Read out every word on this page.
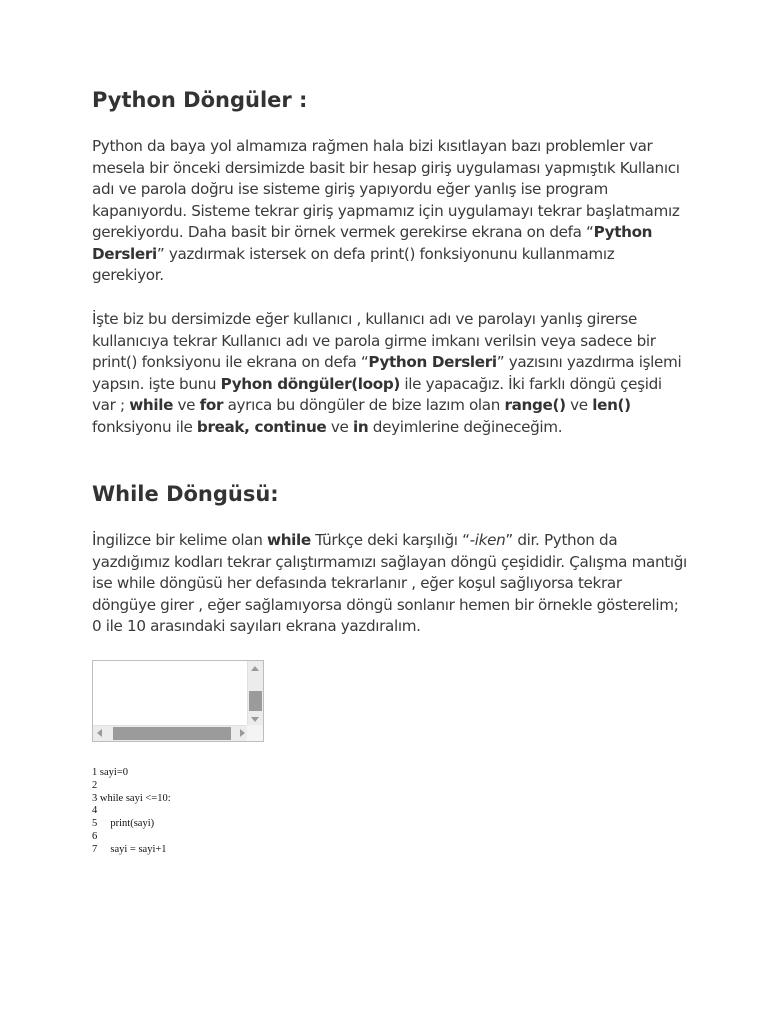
Python Döngüler :
Python da baya yol almamıza rağmen hala bizi kısıtlayan bazı problemler var mesela bir önceki dersimizde basit bir hesap giriş uygulaması yapmıştık Kullanıcı adı ve parola doğru ise sisteme giriş yapıyordu eğer yanlış ise program kapanıyordu. Sisteme tekrar giriş yapmamız için uygulamayı tekrar başlatmamız gerekiyordu. Daha basit bir örnek vermek gerekirse ekrana on defa “Python Dersleri” yazdırmak istersek on defa print() fonksiyonunu kullanmamız gerekiyor.
İşte biz bu dersimizde eğer kullanıcı , kullanıcı adı ve parolayı yanlış girerse kullanıcıya tekrar Kullanıcı adı ve parola girme imkanı verilsin veya sadece bir print() fonksiyonu ile ekrana on defa “Python Dersleri” yazısını yazdırma işlemi yapsın. işte bunu Pyhon döngüler(loop) ile yapacağız. İki farklı döngü çeşidi var ; while ve for ayrıca bu döngüler de bize lazım olan range() ve len() fonksiyonu ile break, continue ve in deyimlerine değineceğim.
While Döngüsü:
İngilizce bir kelime olan while Türkçe deki karşılığı “-iken” dir. Python da yazdığımız kodları tekrar çalıştırmamızı sağlayan döngü çeşididir. Çalışma mantığı ise while döngüsü her defasında tekrarlanır , eğer koşul sağlıyorsa tekrar döngüye girer , eğer sağlamıyorsa döngü sonlanır hemen bir örnekle gösterelim; 0 ile 10 arasındaki sayıları ekrana yazdıralım.
1 sayi=0
2
3 while sayi <=10:
4
5     print(sayi)
6
7     sayi = sayi+1
